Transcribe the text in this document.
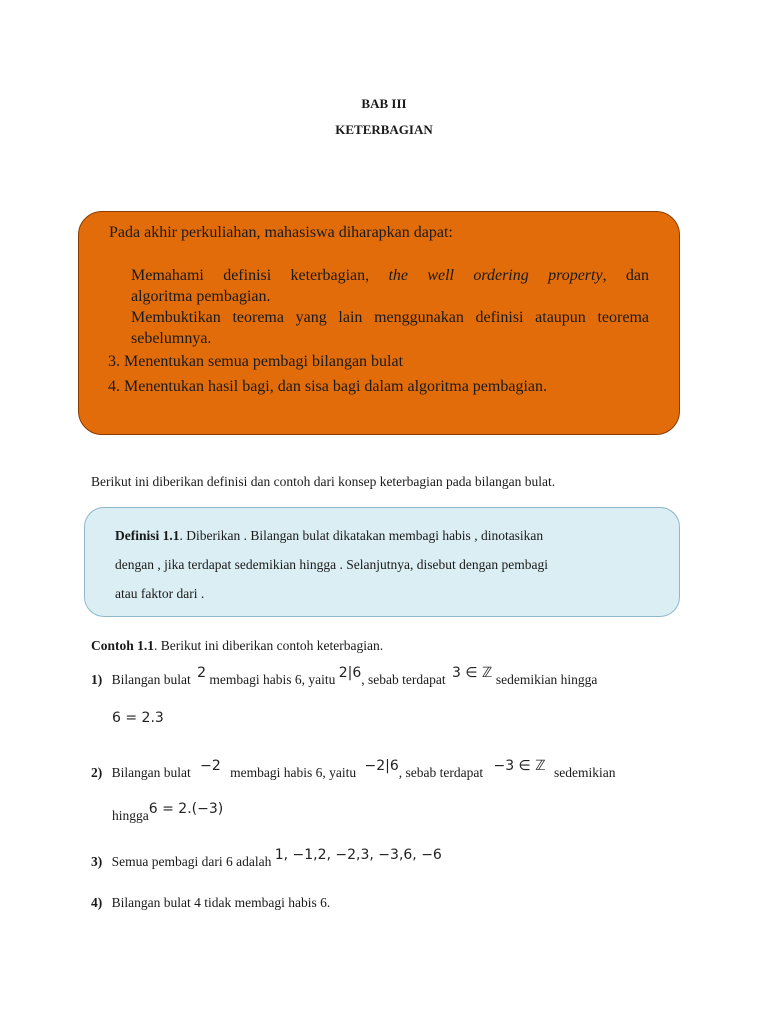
BAB III
KETERBAGIAN
Pada akhir perkuliahan, mahasiswa diharapkan dapat:
Memahami definisi keterbagian, the well ordering property, dan
algoritma pembagian.
Membuktikan teorema yang lain menggunakan definisi ataupun teorema
sebelumnya.
3. Menentukan semua pembagi bilangan bulat
4. Menentukan hasil bagi, dan sisa bagi dalam algoritma pembagian.
Berikut ini diberikan definisi dan contoh dari konsep keterbagian pada bilangan bulat.
Definisi 1.1. Diberikan . Bilangan bulat dikatakan membagi habis , dinotasikan
dengan , jika terdapat sedemikian hingga . Selanjutnya, disebut dengan pembagi
atau faktor dari .
Contoh 1.1. Berikut ini diberikan contoh keterbagian.
1) Bilangan bulat 2 membagi habis 6, yaitu 2|6, sebab terdapat 3 ∈ ℤ sedemikian hingga
6 = 2.3
2) Bilangan bulat −2 membagi habis 6, yaitu −2|6, sebab terdapat −3 ∈ ℤ sedemikian
hingga6 = 2.(−3)
3) Semua pembagi dari 6 adalah 1, −1,2, −2,3, −3,6, −6
4) Bilangan bulat 4 tidak membagi habis 6.
